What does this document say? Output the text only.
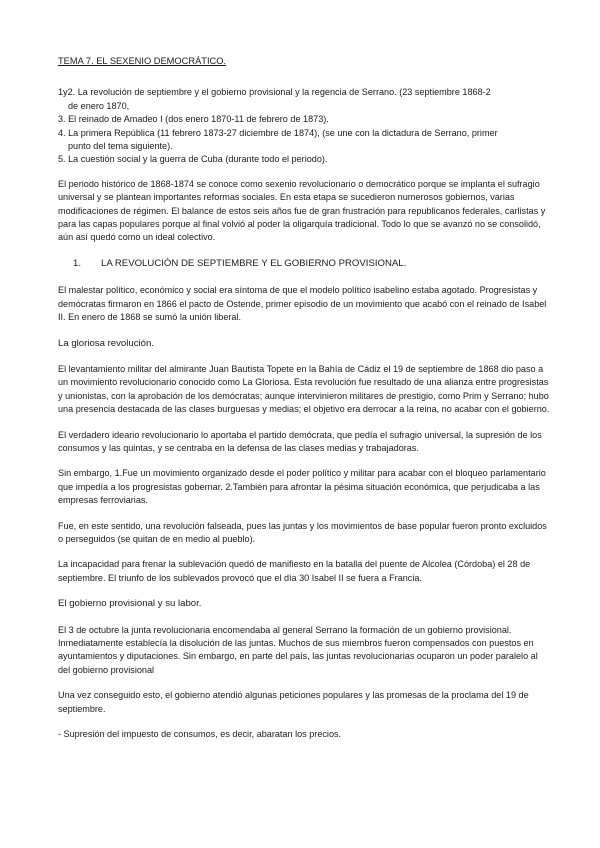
TEMA 7. EL SEXENIO DEMOCRÁTICO.
1y2. La revolución de septiembre y el gobierno provisional y la regencia de Serrano. (23 septiembre 1868-2
de enero 1870,
3. El reinado de Amadeo I (dos enero 1870-11 de febrero de 1873).
4. La primera República (11 febrero 1873-27 diciembre de 1874), (se une con la dictadura de Serrano, primer
punto del tema siguiente).
5. La cuestión social y la guerra de Cuba (durante todo el periodo).

El periodo histórico de 1868-1874 se conoce como sexenio revolucionario o democrático porque se implanta el sufragio universal y se plantean importantes reformas sociales. En esta etapa se sucedieron numerosos gobiernos, varias modificaciones de régimen. El balance de estos seis años fue de gran frustración para republicanos federales, carlistas y para las capas populares porque al final volvió al poder la oligarquía tradicional. Todo lo que se avanzó no se consolidó, aún así quedó como un ideal colectivo.

1. LA REVOLUCIÓN DE SEPTIEMBRE Y EL GOBIERNO PROVISIONAL.

El malestar político, económico y social era síntoma de que el modelo político isabelino estaba agotado. Progresistas y demócratas firmaron en 1866 el pacto de Ostende, primer episodio de un movimiento que acabó con el reinado de Isabel II. En enero de 1868 se sumó la unión liberal.

La gloriosa revolución.

El levantamiento militar del almirante Juan Bautista Topete en la Bahía de Cádiz el 19 de septiembre de 1868 dio paso a un movimiento revolucionario conocido como La Gloriosa. Esta revolución fue resultado de una alianza entre progresistas y unionistas, con la aprobación de los demócratas; aunque intervinieron militares de prestigio, como Prim y Serrano; hubo una presencia destacada de las clases burguesas y medias; el objetivo era derrocar a la reina, no acabar con el gobierno.

El verdadero ideario revolucionario lo aportaba el partido demócrata, que pedía el sufragio universal, la supresión de los consumos y las quintas, y se centraba en la defensa de las clases medias y trabajadoras.

Sin embargo, 1.Fue un movimiento organizado desde el poder político y militar para acabar con el bloqueo parlamentario que impedía a los progresistas gobernar. 2.También para afrontar la pésima situación económica, que perjudicaba a las empresas ferroviarias.

Fue, en este sentido, una revolución falseada, pues las juntas y los movimientos de base popular fueron pronto excluidos o perseguidos (se quitan de en medio al pueblo).

La incapacidad para frenar la sublevación quedó de manifiesto en la batalla del puente de Alcolea (Córdoba) el 28 de septiembre. El triunfo de los sublevados provocó que el día 30 Isabel II se fuera a Francia.

El gobierno provisional y su labor.

El 3 de octubre la junta revolucionaria encomendaba al general Serrano la formación de un gobierno provisional. Inmediatamente establecía la disolución de las juntas. Muchos de sus miembros fueron compensados con puestos en ayuntamientos y diputaciones. Sin embargo, en parte del país, las juntas revolucionarias ocuparon un poder paralelo al del gobierno provisional

Una vez conseguido esto, el gobierno atendió algunas peticiones populares y las promesas de la proclama del 19 de septiembre.

- Supresión del impuesto de consumos, es decir, abaratan los precios.
